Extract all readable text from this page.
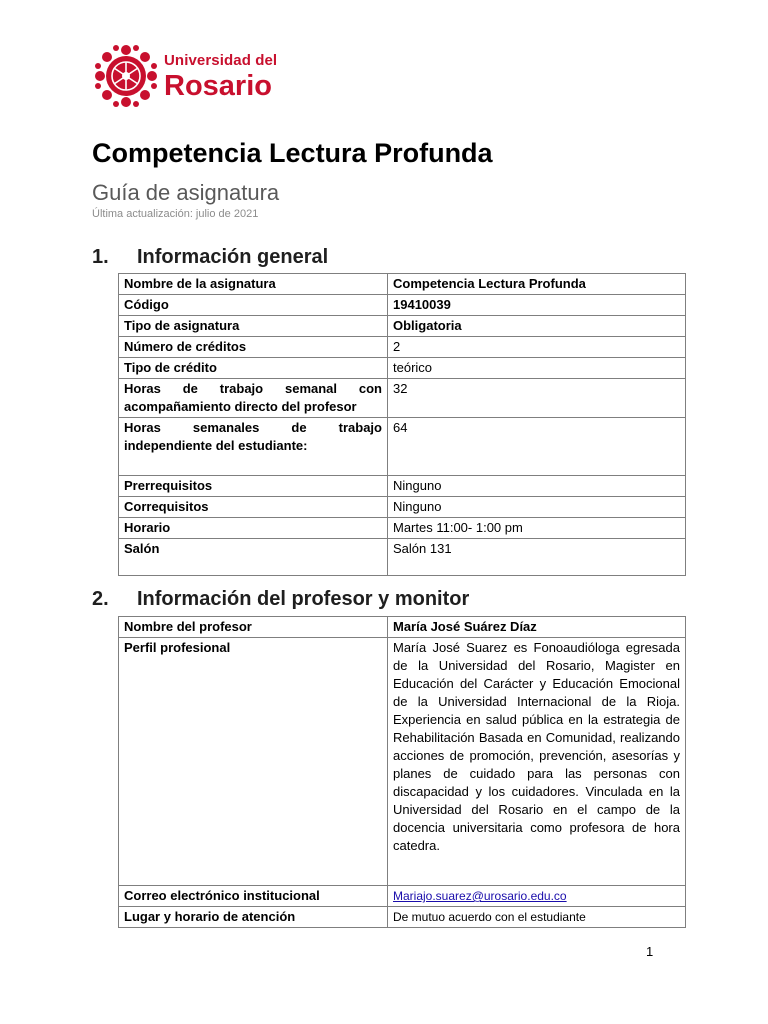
Universidad del
Rosario
Competencia Lectura Profunda
Guía de asignatura
Última actualización: julio de 2021
1. Información general
Nombre de la asignatura	Competencia Lectura Profunda
Código	19410039
Tipo de asignatura	Obligatoria
Número de créditos	2
Tipo de crédito	teórico
Horas de trabajo semanal con acompañamiento directo del profesor	32
Horas semanales de trabajo independiente del estudiante:	64
Prerrequisitos	Ninguno
Correquisitos	Ninguno
Horario	Martes 11:00- 1:00 pm
Salón	Salón 131
2. Información del profesor y monitor
Nombre del profesor	María José Suárez Díaz
Perfil profesional	María José Suarez es Fonoaudióloga egresada de la Universidad del Rosario, Magister en Educación del Carácter y Educación Emocional de la Universidad Internacional de la Rioja. Experiencia en salud pública en la estrategia de Rehabilitación Basada en Comunidad, realizando acciones de promoción, prevención, asesorías y planes de cuidado para las personas con discapacidad y los cuidadores. Vinculada en la Universidad del Rosario en el campo de la docencia universitaria como profesora de hora catedra.
Correo electrónico institucional	Mariajo.suarez@urosario.edu.co
Lugar y horario de atención	De mutuo acuerdo con el estudiante
1
